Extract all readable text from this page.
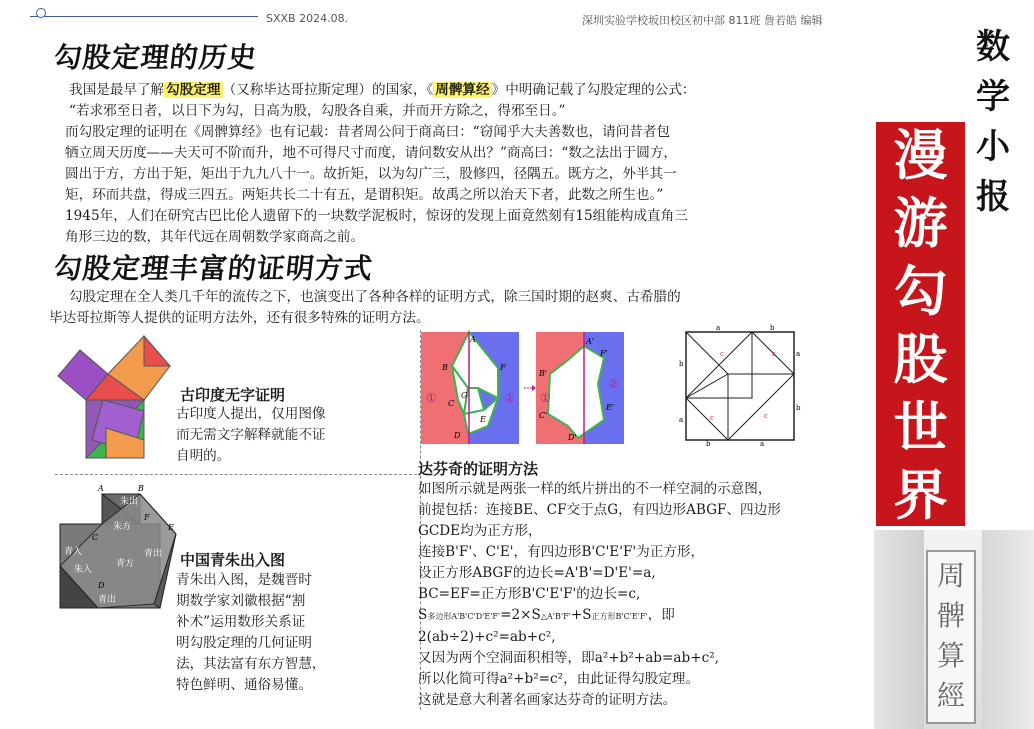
SXXB 2024.08.	深圳实验学校坂田校区初中部 811班 詹若皓 编辑
数
学
小
报
漫
游
勾
股
世
界
周
髀
算
經
勾股定理的历史
我国是最早了解 勾股定理 （又称毕达哥拉斯定理）的国家，《 周髀算经 》中明确记载了勾股定理的公式：
“若求邪至日者，以日下为勾，日高为股，勾股各自乘，并而开方除之，得邪至日。”
而勾股定理的证明在《周髀算经》也有记载：昔者周公问于商高曰：“窃闻乎大夫善数也，请问昔者包
牺立周天历度——夫天可不阶而升，地不可得尺寸而度，请问数安从出？”商高曰：“数之法出于圆方，
圆出于方，方出于矩，矩出于九九八十一。故折矩，以为勾广三，股修四，径隅五。既方之，外半其一
矩，环而共盘，得成三四五。两矩共长二十有五，是谓积矩。故禹之所以治天下者，此数之所生也。”
1945年，人们在研究古巴比伦人遗留下的一块数学泥板时，惊讶的发现上面竟然刻有15组能构成直角三
角形三边的数，其年代远在周朝数学家商高之前。
勾股定理丰富的证明方式
勾股定理在全人类几千年的流传之下，也演变出了各种各样的证明方式，除三国时期的赵爽、古希腊的
毕达哥拉斯等人提供的证明方法外，还有很多特殊的证明方法。
古印度无字证明
古印度人提出，仅用图像
而无需文字解释就能不证
自明的。
朱出
朱方
青方
青出
青入
朱入
青出
A	B
C
D
E
F
中国青朱出入图
青朱出入图，是魏晋时
期数学家刘徽根据“割
补术”运用数形关系证
明勾股定理的几何证明
法，其法富有东方智慧，
特色鲜明、通俗易懂。
A
B
C
D
E
F
G
①	②
A'
B'
C'
D'
E'
F'
①
②
a	b
b
a
a
b
b	a
c	c
c	c
达芬奇的证明方法
如图所示就是两张一样的纸片拼出的不一样空洞的示意图，
前提包括：连接BE、CF交于点G，有四边形ABGF、四边形
GCDE均为正方形，
连接B'F'、C'E'，有四边形B'C'E'F'为正方形，
设正方形ABGF的边长=A'B'=D'E'=a,
BC=EF=正方形B'C'E'F'的边长=c,
S多边形A'B'C'D'E'F'=2×S△A'B'F'+S正方形B'C'E'F'，即
2(ab÷2)+c²=ab+c²,
又因为两个空洞面积相等，即a²+b²+ab=ab+c²,
所以化简可得a²+b²=c²，由此证得勾股定理。
这就是意大利著名画家达芬奇的证明方法。
